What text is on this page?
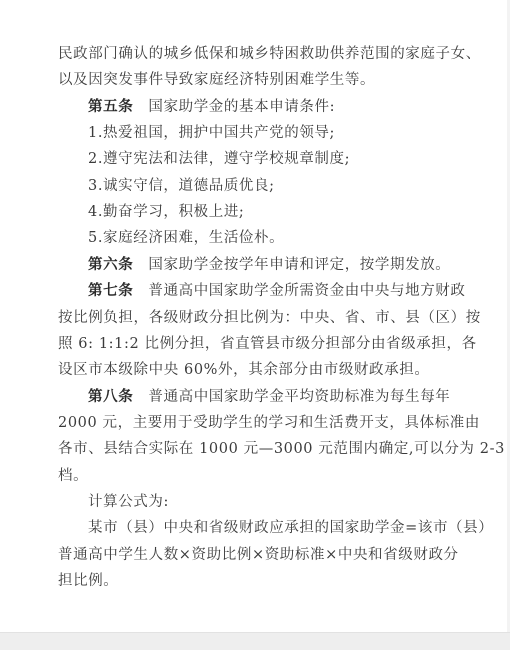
民政部门确认的城乡低保和城乡特困救助供养范围的家庭子女、
以及因突发事件导致家庭经济特别困难学生等。
第五条　国家助学金的基本申请条件:
1.热爱祖国，拥护中国共产党的领导;
2.遵守宪法和法律，遵守学校规章制度;
3.诚实守信，道德品质优良;
4.勤奋学习，积极上进;
5.家庭经济困难，生活俭朴。
第六条　国家助学金按学年申请和评定，按学期发放。
第七条　普通高中国家助学金所需资金由中央与地方财政
按比例负担，各级财政分担比例为：中央、省、市、县（区）按
照 6: 1:1:2 比例分担，省直管县市级分担部分由省级承担，各
设区市本级除中央 60%外，其余部分由市级财政承担。
第八条　普通高中国家助学金平均资助标准为每生每年
2000 元，主要用于受助学生的学习和生活费开支，具体标准由
各市、县结合实际在 1000 元—3000 元范围内确定,可以分为 2-3
档。
计算公式为:
某市（县）中央和省级财政应承担的国家助学金=该市（县）
普通高中学生人数×资助比例×资助标准×中央和省级财政分
担比例。
